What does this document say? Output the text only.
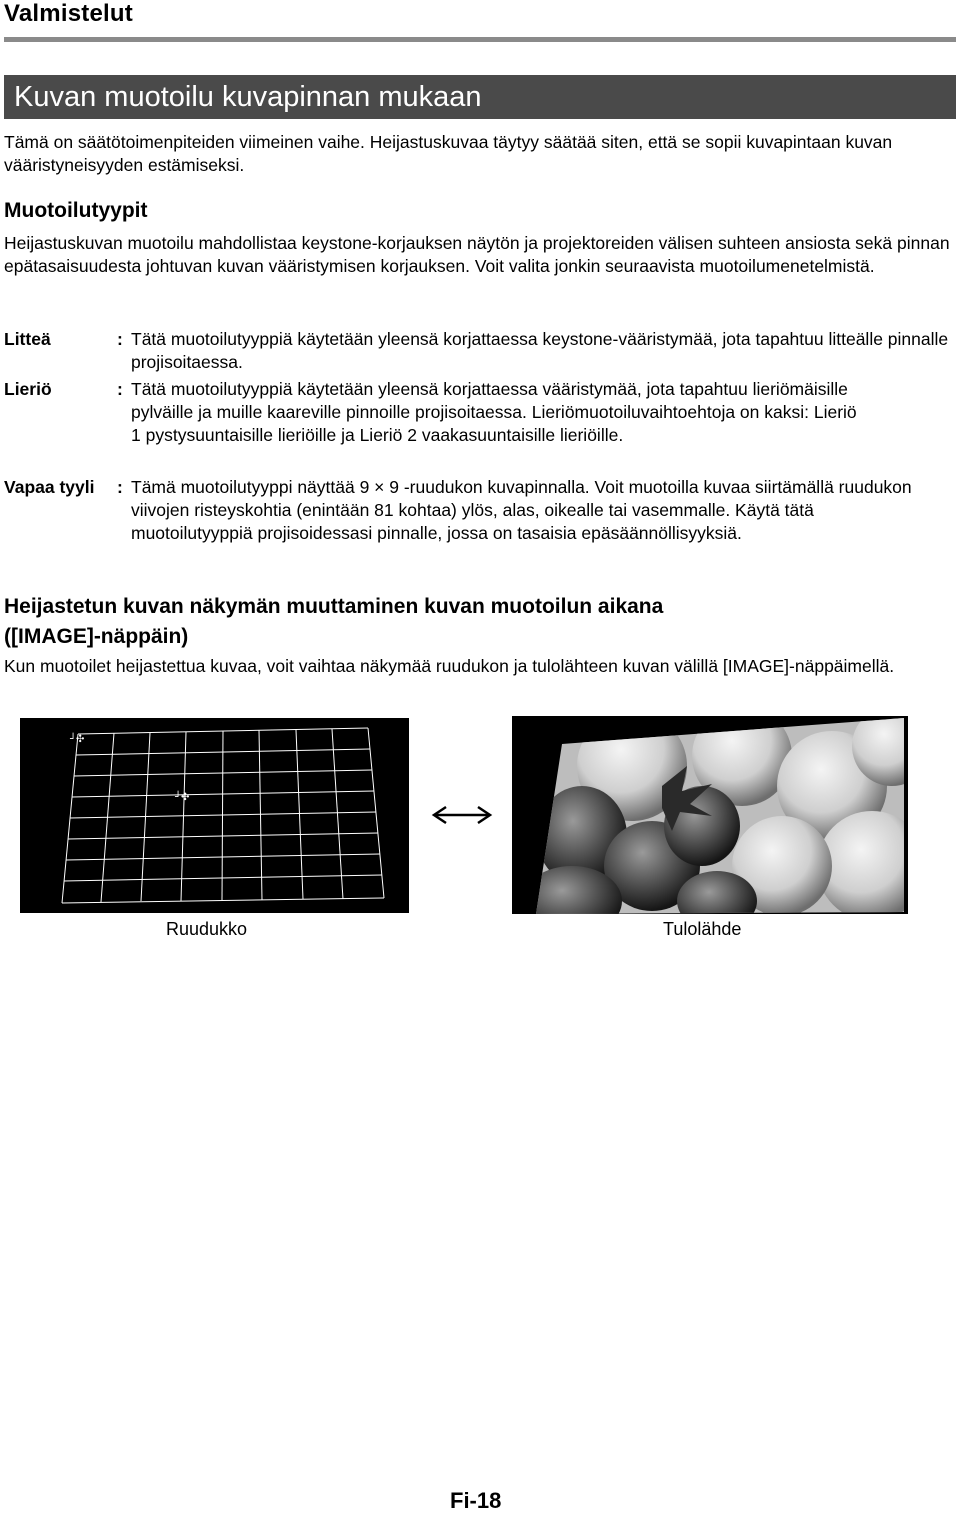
Valmistelut
Kuvan muotoilu kuvapinnan mukaan
Tämä on säätötoimenpiteiden viimeinen vaihe. Heijastuskuvaa täytyy säätää siten, että se sopii kuvapintaan kuvan vääristyneisyyden estämiseksi.
Muotoilutyypit
Heijastuskuvan muotoilu mahdollistaa keystone-korjauksen näytön ja projektoreiden välisen suhteen ansiosta sekä pinnan epätasaisuudesta johtuvan kuvan vääristymisen korjauksen. Voit valita jonkin seuraavista muotoilumenetelmistä.
Litteä	: Tätä muotoilutyyppiä käytetään yleensä korjattaessa keystone-vääristymää, jota tapahtuu litteälle pinnalle projisoitaessa.
Lieriö	: Tätä muotoilutyyppiä käytetään yleensä korjattaessa vääristymää, jota tapahtuu lieriömäisille pylväille ja muille kaareville pinnoille projisoitaessa. Lieriömuotoiluvaihtoehtoja on kaksi: Lieriö 1 pystysuuntaisille lieriöille ja Lieriö 2 vaakasuuntaisille lieriöille.
Vapaa tyyli : Tämä muotoilutyyppi näyttää 9 × 9 -ruudukon kuvapinnalla. Voit muotoilla kuvaa siirtämällä ruudukon viivojen risteyskohtia (enintään 81 kohtaa) ylös, alas, oikealle tai vasemmalle. Käytä tätä muotoilutyyppiä projisoidessasi pinnalle, jossa on tasaisia epäsäännöllisyyksiä.
Heijastetun kuvan näkymän muuttaminen kuvan muotoilun aikana
([IMAGE]-näppäin)
Kun muotoilet heijastettua kuvaa, voit vaihtaa näkymää ruudukon ja tulolähteen kuvan välillä [IMAGE]-näppäimellä.
┘✣
┘✣
Ruudukko	Tulolähde
Fi-18
